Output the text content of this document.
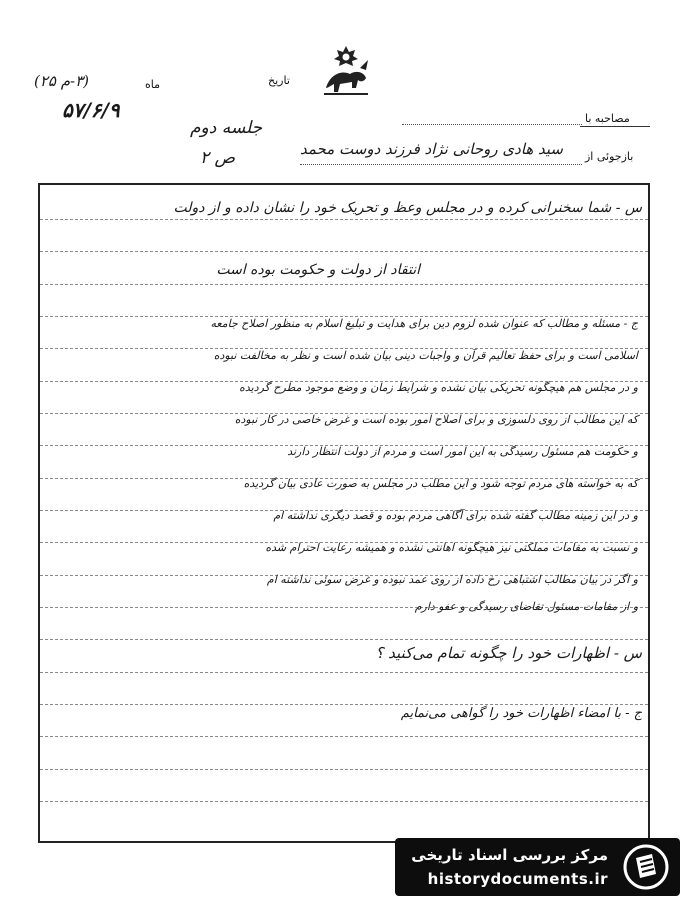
تاریخ
ماه
(۳-م ۲۵)
۵۷/۶/۹	مصاحبه با
جلسه دوم
ص ۲	بازجوئی از
سید هادی روحانی نژاد فرزند دوست محمد
س - شما سخنرانی کرده و در مجلس وعظ و تحریک خود را نشان داده و از دولت
انتقاد از دولت و حکومت بوده است
ج - مسئله و مطالب که عنوان شده لزوم دین برای هدایت و تبلیغ اسلام به منظور اصلاح جامعه
اسلامی است و برای حفظ تعالیم قرآن و واجبات دینی بیان شده است و نظر به مخالفت نبوده
و در مجلس هم هیچگونه تحریکی بیان نشده و شرایط زمان و وضع موجود مطرح گردیده
که این مطالب از روی دلسوزی و برای اصلاح امور بوده است و غرض خاصی در کار نبوده
و حکومت هم مسئول رسیدگی به این امور است و مردم از دولت انتظار دارند
که به خواسته های مردم توجه شود و این مطلب در مجلس به صورت عادی بیان گردیده
و در این زمینه مطالب گفته شده برای آگاهی مردم بوده و قصد دیگری نداشته ام
و نسبت به مقامات مملکتی نیز هیچگونه اهانتی نشده و همیشه رعایت احترام شده
و اگر در بیان مطالب اشتباهی رخ داده از روی عمد نبوده و غرض سوئی نداشته ام
و از مقامات مسئول تقاضای رسیدگی و عفو دارم
س - اظهارات خود را چگونه تمام می‌کنید ؟
ج - با امضاء اظهارات خود را گواهی می‌نمایم
مرکز بررسی اسناد تاریخی
historydocuments.ir
